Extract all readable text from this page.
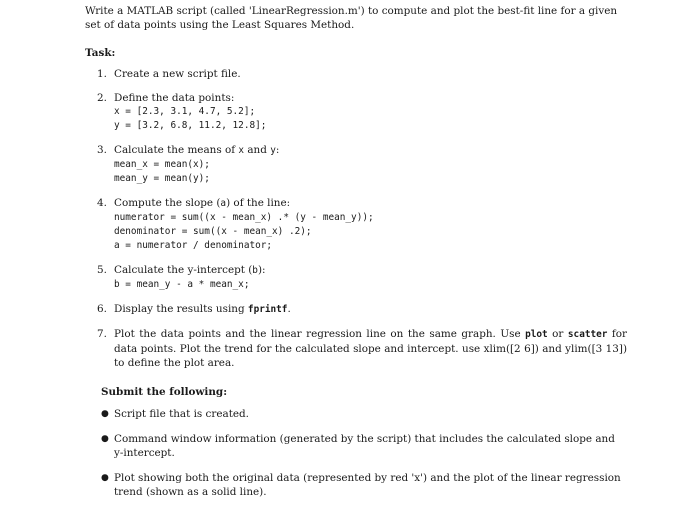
Write a MATLAB script (called 'LinearRegression.m') to compute and plot the best-fit line for a given set of data points using the Least Squares Method.
Task:
1. Create a new script file.
2. Define the data points:
x = [2.3, 3.1, 4.7, 5.2];
y = [3.2, 6.8, 11.2, 12.8];
3. Calculate the means of x and y:
mean_x = mean(x);
mean_y = mean(y);
4. Compute the slope (a) of the line:
numerator = sum((x - mean_x) .* (y - mean_y));
denominator = sum((x - mean_x) .2);
a = numerator / denominator;
5. Calculate the y-intercept (b):
b = mean_y - a * mean_x;
6. Display the results using fprintf.
7. Plot the data points and the linear regression line on the same graph. Use plot or scatter for data points. Plot the trend for the calculated slope and intercept. use xlim([2 6]) and ylim([3 13]) to define the plot area.
Submit the following:
● Script file that is created.
● Command window information (generated by the script) that includes the calculated slope and y-intercept.
● Plot showing both the original data (represented by red 'x') and the plot of the linear regression trend (shown as a solid line).
